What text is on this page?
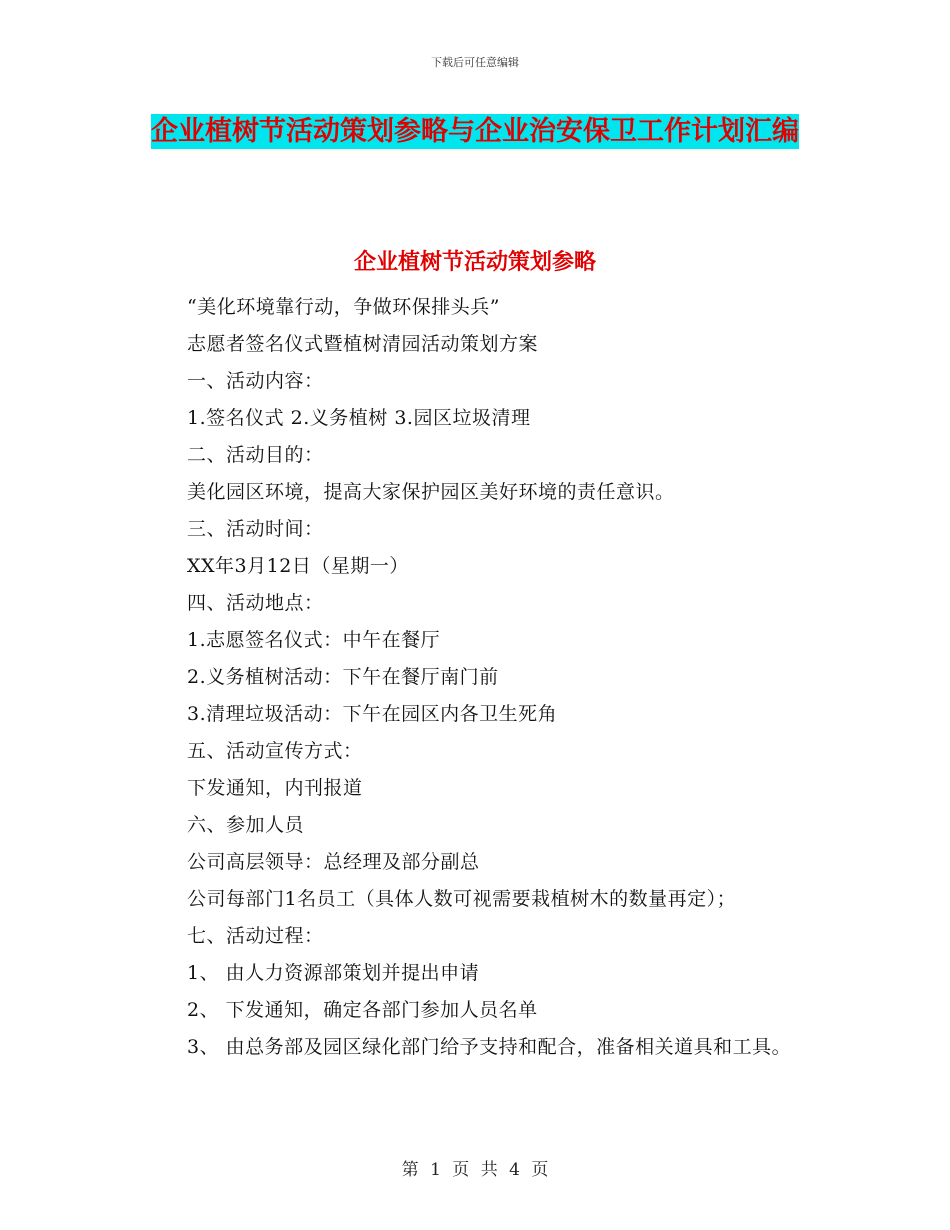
下载后可任意编辑
企业植树节活动策划参略与企业治安保卫工作计划汇编
企业植树节活动策划参略
“美化环境靠行动，争做环保排头兵”
志愿者签名仪式暨植树清园活动策划方案
一、活动内容：
1.签名仪式 2.义务植树 3.园区垃圾清理
二、活动目的：
美化园区环境，提高大家保护园区美好环境的责任意识。
三、活动时间：
XX年3月12日（星期一）
四、活动地点：
1.志愿签名仪式：中午在餐厅
2.义务植树活动：下午在餐厅南门前
3.清理垃圾活动：下午在园区内各卫生死角
五、活动宣传方式：
下发通知，内刊报道
六、参加人员
公司高层领导：总经理及部分副总
公司每部门1名员工（具体人数可视需要栽植树木的数量再定）；
七、活动过程：
1、 由人力资源部策划并提出申请
2、 下发通知，确定各部门参加人员名单
3、 由总务部及园区绿化部门给予支持和配合，准备相关道具和工具。
第 1 页 共 4 页
